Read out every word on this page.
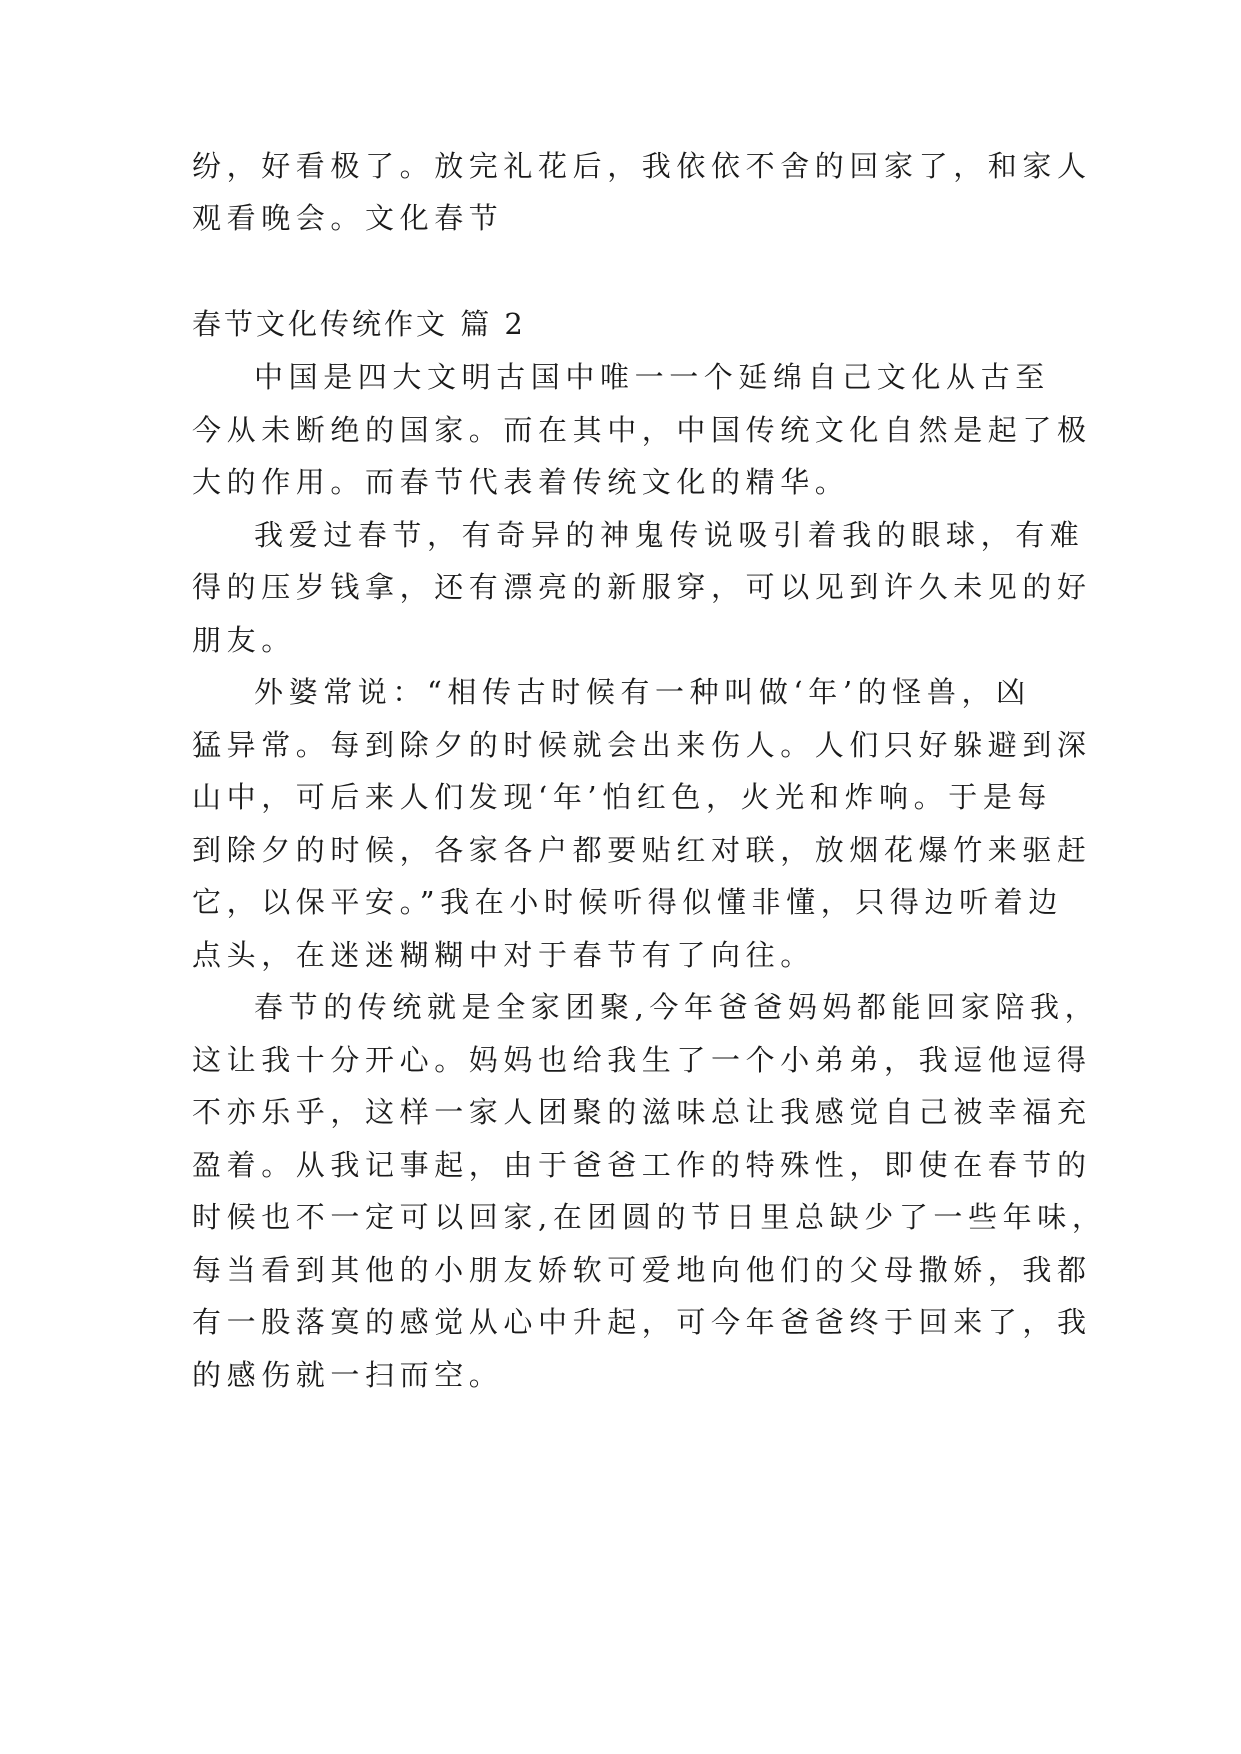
纷，好看极了。放完礼花后，我依依不舍的回家了，和家人
观看晚会。文化春节
春节文化传统作文 篇 2
中国是四大文明古国中唯一一个延绵自己文化从古至
今从未断绝的国家。而在其中，中国传统文化自然是起了极
大的作用。而春节代表着传统文化的精华。
我爱过春节，有奇异的神鬼传说吸引着我的眼球，有难
得的压岁钱拿，还有漂亮的新服穿，可以见到许久未见的好
朋友。
外婆常说：“相传古时候有一种叫做‘年’的怪兽，凶
猛异常。每到除夕的时候就会出来伤人。人们只好躲避到深
山中，可后来人们发现‘年’怕红色，火光和炸响。于是每
到除夕的时候，各家各户都要贴红对联，放烟花爆竹来驱赶
它，以保平安。”我在小时候听得似懂非懂，只得边听着边
点头，在迷迷糊糊中对于春节有了向往。
春节的传统就是全家团聚,今年爸爸妈妈都能回家陪我，
这让我十分开心。妈妈也给我生了一个小弟弟，我逗他逗得
不亦乐乎，这样一家人团聚的滋味总让我感觉自己被幸福充
盈着。从我记事起，由于爸爸工作的特殊性，即使在春节的
时候也不一定可以回家,在团圆的节日里总缺少了一些年味，
每当看到其他的小朋友娇软可爱地向他们的父母撒娇，我都
有一股落寞的感觉从心中升起，可今年爸爸终于回来了，我
的感伤就一扫而空。
